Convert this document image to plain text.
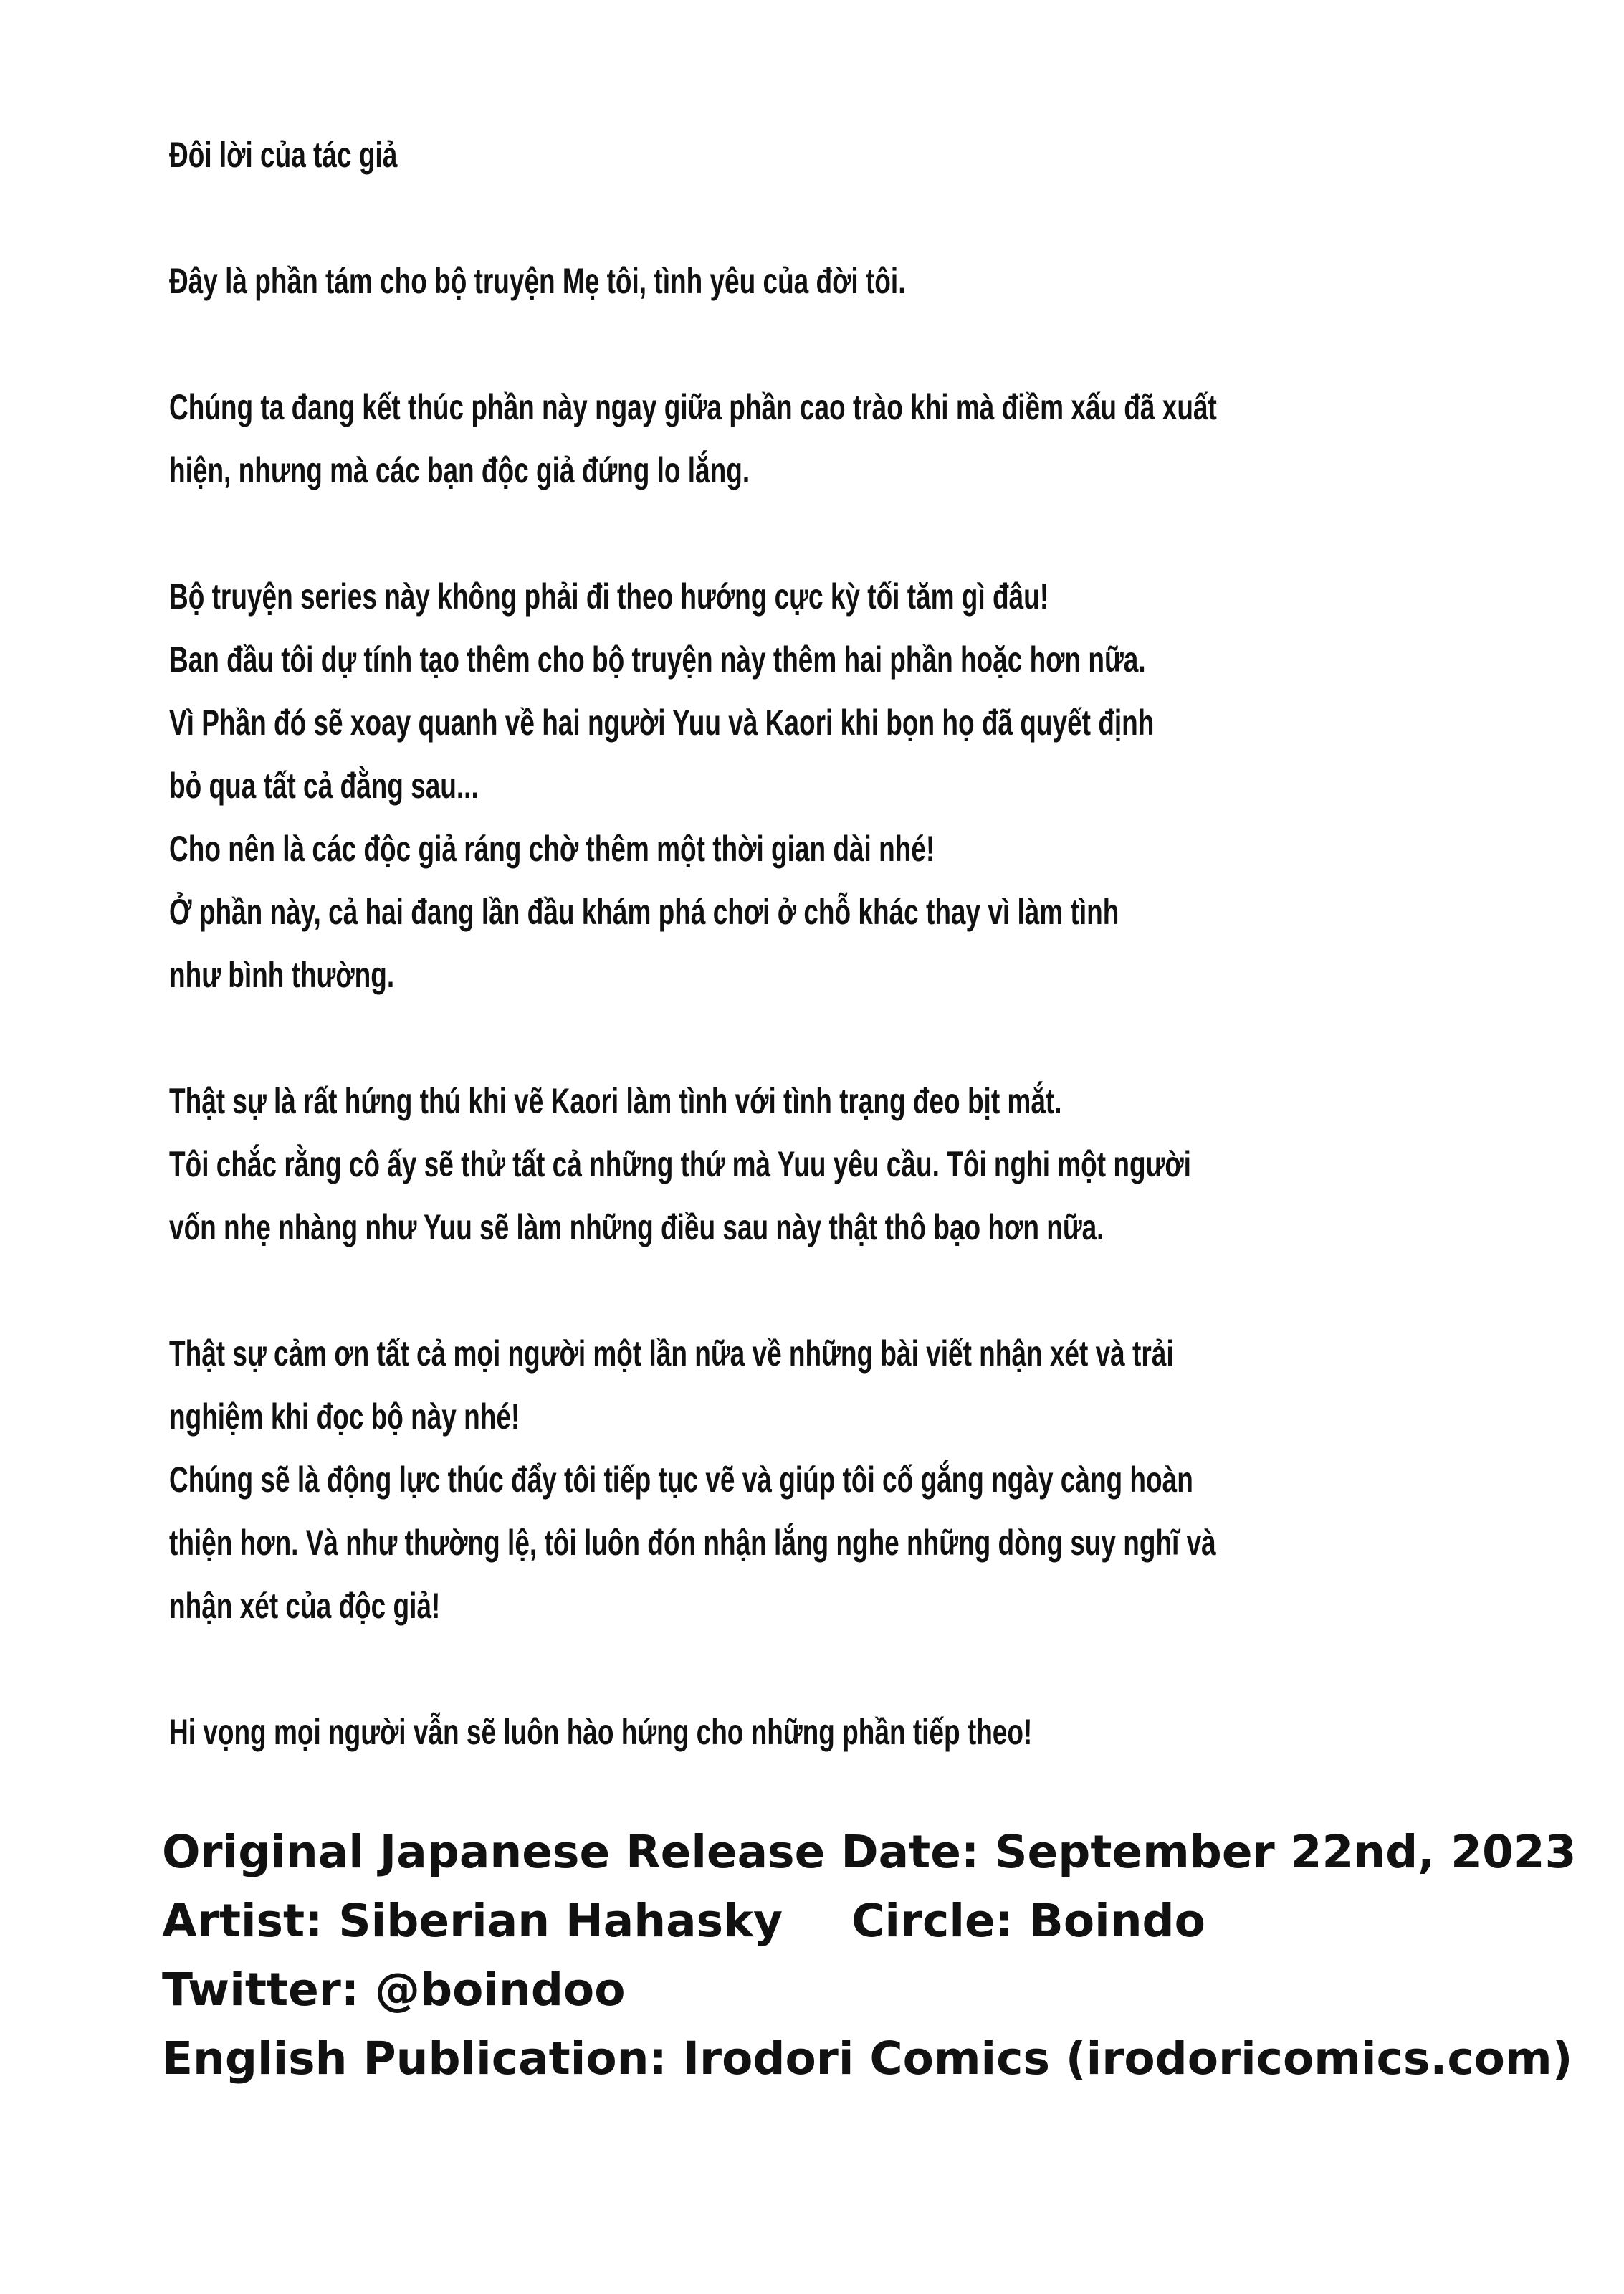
Đôi lời của tác giả
Đây là phần tám cho bộ truyện Mẹ tôi, tình yêu của đời tôi.
Chúng ta đang kết thúc phần này ngay giữa phần cao trào khi mà điềm xấu đã xuất
hiện, nhưng mà các bạn độc giả đứng lo lắng.
Bộ truyện series này không phải đi theo hướng cực kỳ tối tăm gì đâu!
Ban đầu tôi dự tính tạo thêm cho bộ truyện này thêm hai phần hoặc hơn nữa.
Vì Phần đó sẽ xoay quanh về hai người Yuu và Kaori khi bọn họ đã quyết định
bỏ qua tất cả đằng sau...
Cho nên là các độc giả ráng chờ thêm một thời gian dài nhé!
Ở phần này, cả hai đang lần đầu khám phá chơi ở chỗ khác thay vì làm tình
như bình thường.
Thật sự là rất hứng thú khi vẽ Kaori làm tình với tình trạng đeo bịt mắt.
Tôi chắc rằng cô ấy sẽ thử tất cả những thứ mà Yuu yêu cầu. Tôi nghi một người
vốn nhẹ nhàng như Yuu sẽ làm những điều sau này thật thô bạo hơn nữa.
Thật sự cảm ơn tất cả mọi người một lần nữa về những bài viết nhận xét và trải
nghiệm khi đọc bộ này nhé!
Chúng sẽ là động lực thúc đẩy tôi tiếp tục vẽ và giúp tôi cố gắng ngày càng hoàn
thiện hơn. Và như thường lệ, tôi luôn đón nhận lắng nghe những dòng suy nghĩ và
nhận xét của độc giả!
Hi vọng mọi người vẫn sẽ luôn hào hứng cho những phần tiếp theo!
Original Japanese Release Date: September 22nd, 2023
Artist: Siberian Hahasky Circle: Boindo
Twitter: @boindoo
English Publication: Irodori Comics (irodoricomics.com)
